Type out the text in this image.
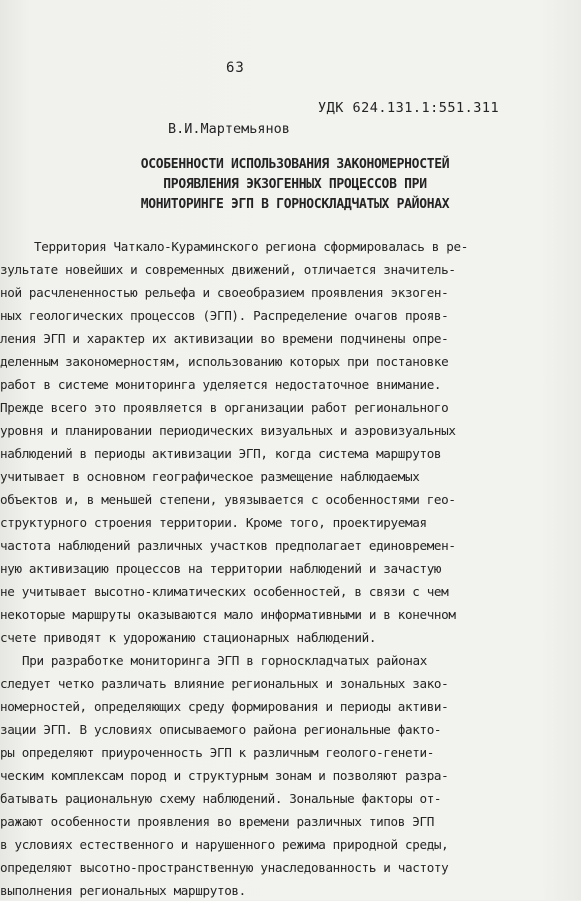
63
УДК 624.131.1:551.311
В.И.Мартемьянов
ОСОБЕННОСТИ ИСПОЛЬЗОВАНИЯ ЗАКОНОМЕРНОСТЕЙ
ПРОЯВЛЕНИЯ ЭКЗОГЕННЫХ ПРОЦЕССОВ ПРИ
МОНИТОРИНГЕ ЭГП В ГОРНОСКЛАДЧАТЫХ РАЙОНАХ
Территория Чаткало-Кураминского региона сформировалась в ре-
зультате новейших и современных движений, отличается значитель-
ной расчлененностью рельефа и своеобразием проявления экзоген-
ных геологических процессов (ЭГП). Распределение очагов прояв-
ления ЭГП и характер их активизации во времени подчинены опре-
деленным закономерностям, использованию которых при постановке
работ в системе мониторинга уделяется недостаточное внимание.
Прежде всего это проявляется в организации работ регионального
уровня и планировании периодических визуальных и аэровизуальных
наблюдений в периоды активизации ЭГП, когда система маршрутов
учитывает в основном географическое размещение наблюдаемых
объектов и, в меньшей степени, увязывается с особенностями гео-
структурного строения территории. Кроме того, проектируемая
частота наблюдений различных участков предполагает единовремен-
ную активизацию процессов на территории наблюдений и зачастую
не учитывает высотно-климатических особенностей, в связи с чем
некоторые маршруты оказываются мало информативными и в конечном
счете приводят к удорожанию стационарных наблюдений.
При разработке мониторинга ЭГП в горноскладчатых районах
следует четко различать влияние региональных и зональных зако-
номерностей, определяющих среду формирования и периоды активи-
зации ЭГП. В условиях описываемого района региональные факто-
ры определяют приуроченность ЭГП к различным геолого-генети-
ческим комплексам пород и структурным зонам и позволяют разра-
батывать рациональную схему наблюдений. Зональные факторы от-
ражают особенности проявления во времени различных типов ЭГП
в условиях естественного и нарушенного режима природной среды,
определяют высотно-пространственную унаследованность и частоту
выполнения региональных маршрутов.
